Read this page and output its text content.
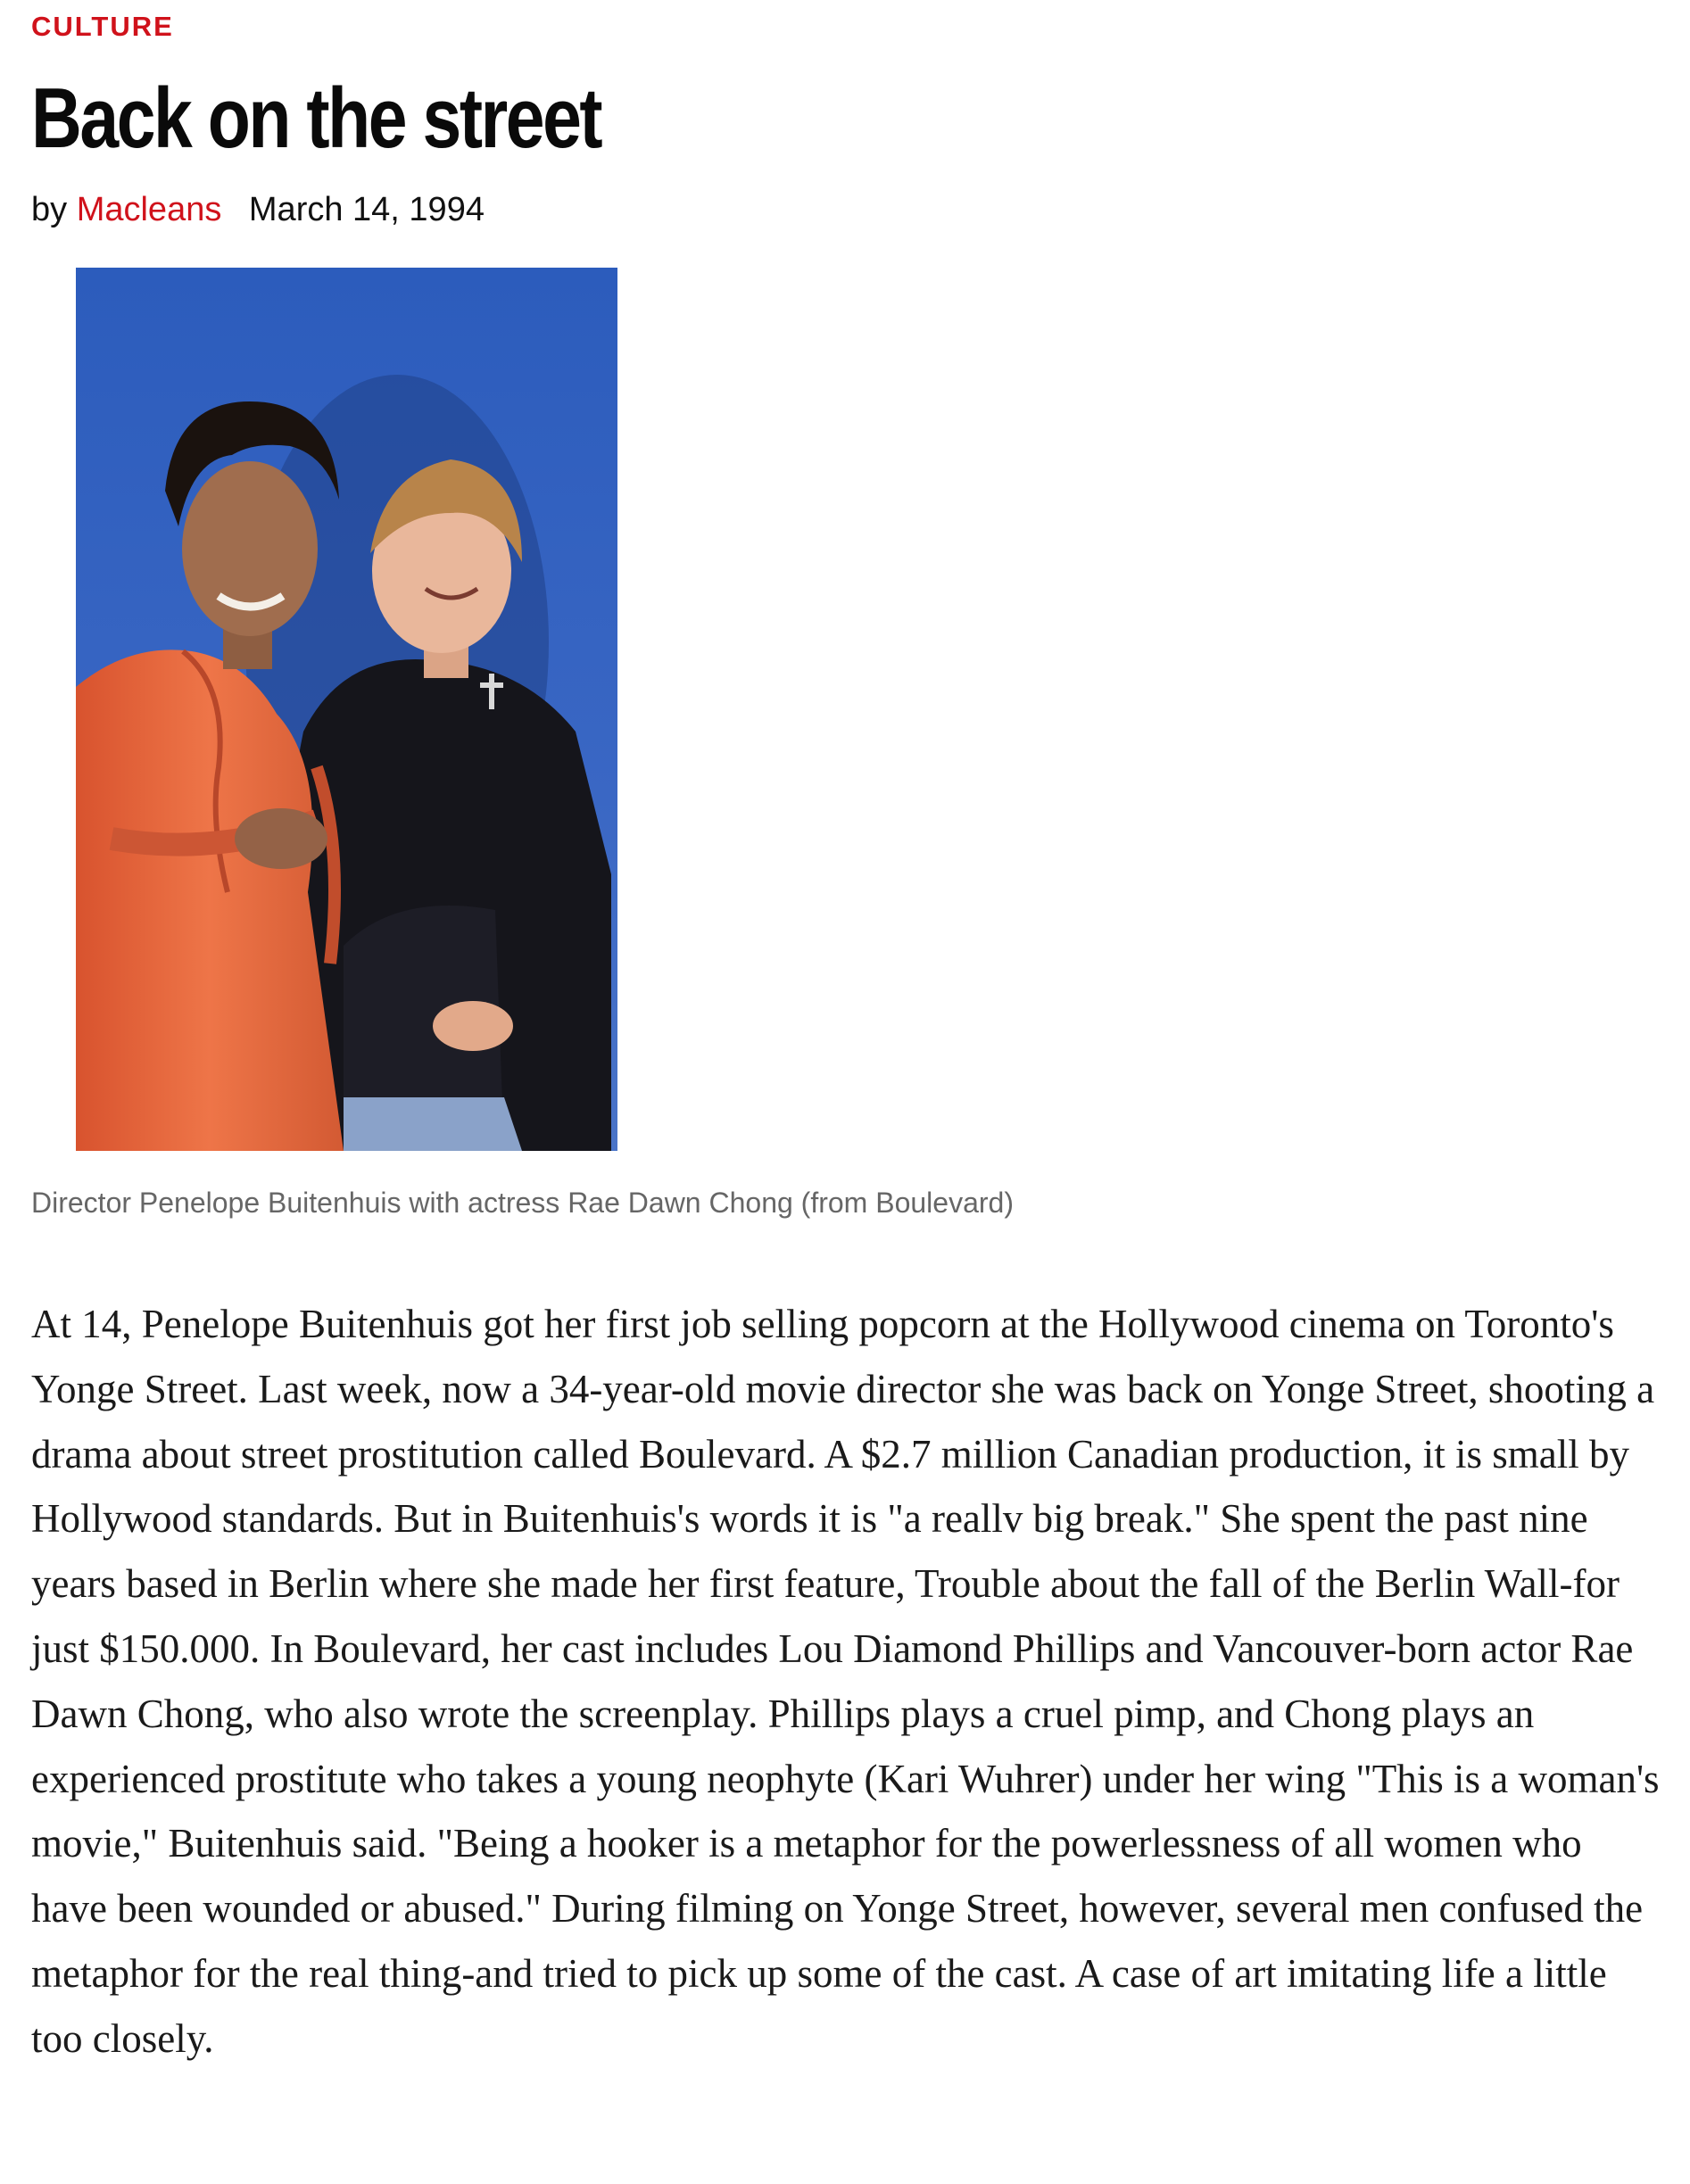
CULTURE
Back on the street
by Macleans March 14, 1994
Director Penelope Buitenhuis with actress Rae Dawn Chong (from Boulevard)

At 14, Penelope Buitenhuis got her first job selling popcorn at the Hollywood cinema on Toronto's Yonge Street. Last week, now a 34-year-old movie director she was back on Yonge Street, shooting a drama about street prostitution called Boulevard. A $2.7 million Canadian production, it is small by Hollywood standards. But in Buitenhuis's words it is "a reallv big break." She spent the past nine years based in Berlin where she made her first feature, Trouble about the fall of the Berlin Wall-for just $150.000. In Boulevard, her cast includes Lou Diamond Phillips and Vancouver-born actor Rae Dawn Chong, who also wrote the screenplay. Phillips plays a cruel pimp, and Chong plays an experienced prostitute who takes a young neophyte (Kari Wuhrer) under her wing "This is a woman's movie," Buitenhuis said. "Being a hooker is a metaphor for the powerlessness of all women who have been wounded or abused." During filming on Yonge Street, however, several men confused the metaphor for the real thing-and tried to pick up some of the cast. A case of art imitating life a little too closely.
